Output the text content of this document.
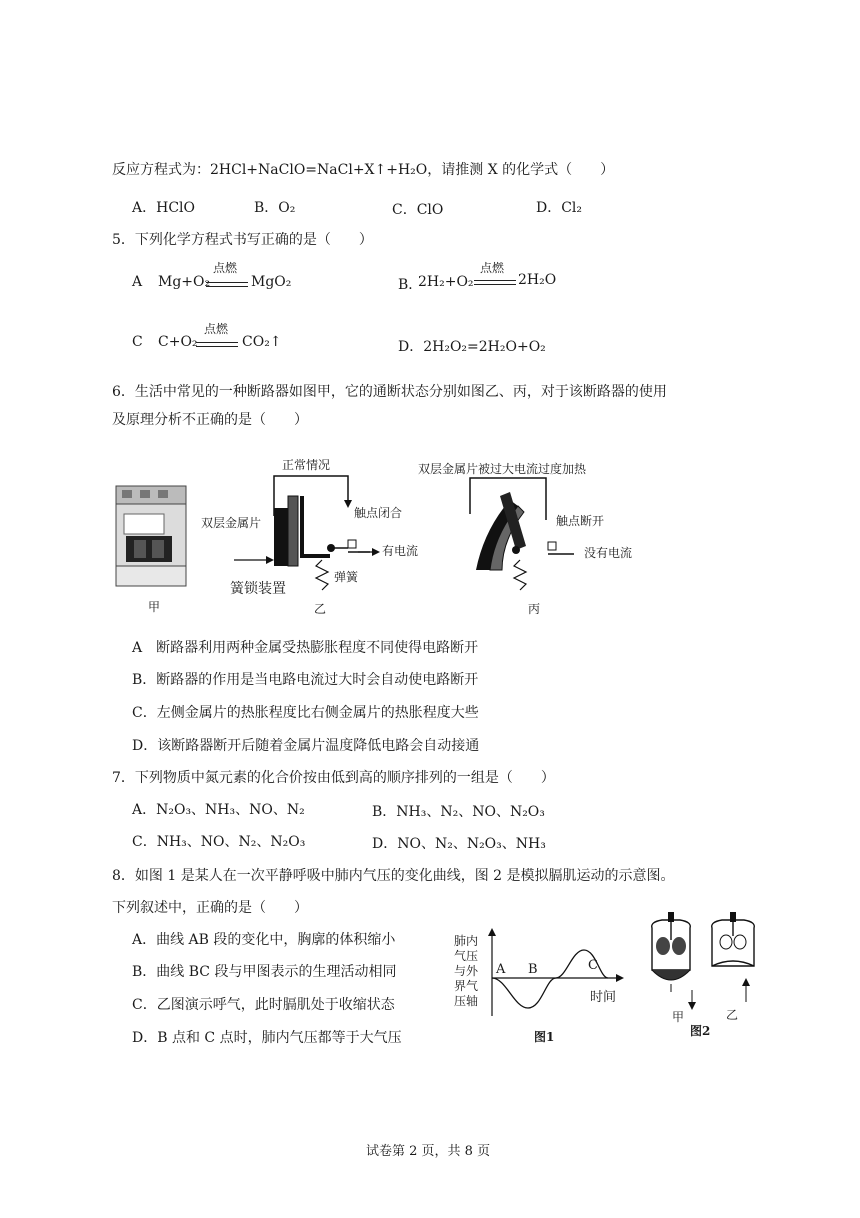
反应方程式为：2HCl+NaClO=NaCl+X↑+H₂O，请推测 X 的化学式（　　）
A．HClO	B．O₂	C．ClO	D．Cl₂
5．下列化学方程式书写正确的是（　　）
A Mg+O₂
点燃
MgO₂	B．
2H₂+O₂
点燃
2H₂O
C C+O₂
点燃
CO₂↑	D．2H₂O₂=2H₂O+O₂
6．生活中常见的一种断路器如图甲，它的通断状态分别如图乙、丙，对于该断路器的使用
及原理分析不正确的是（　　）
甲
正常情况
双层金属片
触点闭合
有电流
弹簧
簧锁装置
乙
双层金属片被过大电流过度加热
触点断开
没有电流
丙
A　断路器利用两种金属受热膨胀程度不同使得电路断开
B．断路器的作用是当电路电流过大时会自动使电路断开
C．左侧金属片的热胀程度比右侧金属片的热胀程度大些
D．该断路器断开后随着金属片温度降低电路会自动接通
7．下列物质中氮元素的化合价按由低到高的顺序排列的一组是（　　）
A．N₂O₃、NH₃、NO、N₂	B．NH₃、N₂、NO、N₂O₃
C．NH₃、NO、N₂、N₂O₃	D．NO、N₂、N₂O₃、NH₃
8．如图 1 是某人在一次平静呼吸中肺内气压的变化曲线，图 2 是模拟膈肌运动的示意图。
下列叙述中，正确的是（　　）
A．曲线 AB 段的变化中，胸廓的体积缩小
B．曲线 BC 段与甲图表示的生理活动相同
C．乙图演示呼气，此时膈肌处于收缩状态
D．B 点和 C 点时，肺内气压都等于大气压
肺内
气压
与外
界气
压轴
A B	C
时间
图1
甲	乙
图2
试卷第 2 页，共 8 页
